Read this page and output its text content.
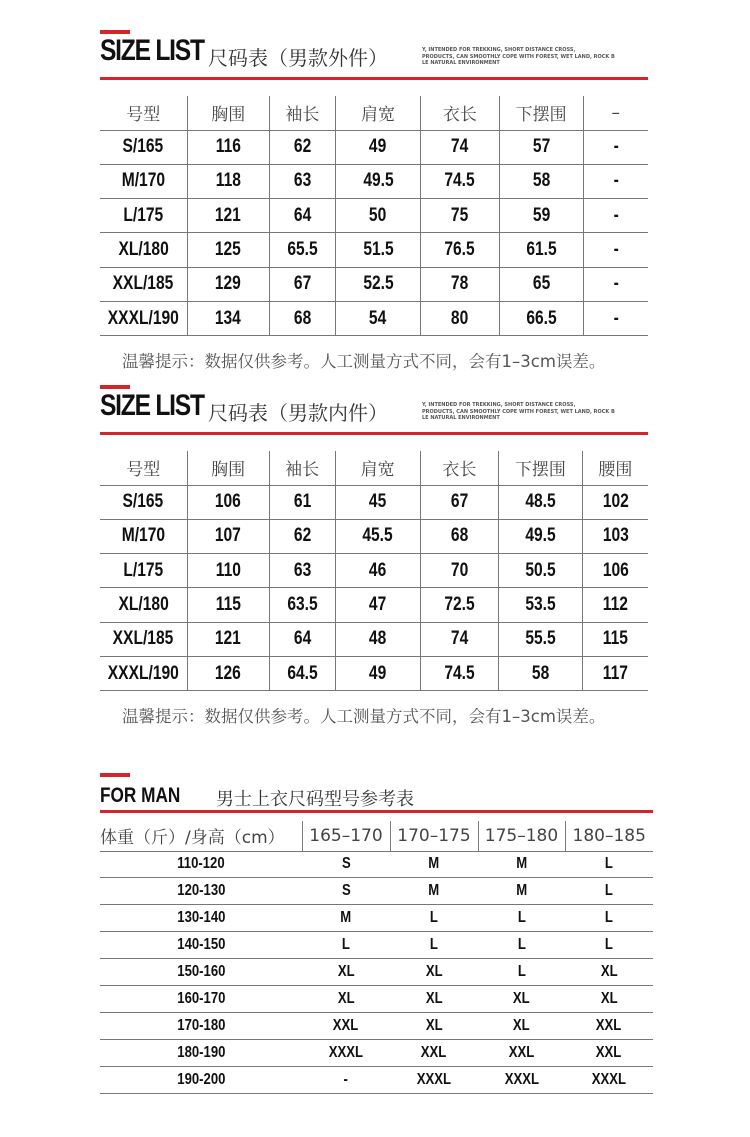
SIZE LIST 尺码表（男款外件）	Y, INTENDED FOR TREKKING, SHORT DISTANCE CROSS,
PRODUCTS, CAN SMOOTHLY COPE WITH FOREST, WET LAND, ROCK B
LE NATURAL ENVIRONMENT
号型	胸围	袖长	肩宽	衣长	下摆围	–
S/165	116	62	49	74	57	-
M/170	118	63	49.5	74.5	58	-
L/175	121	64	50	75	59	-
XL/180	125	65.5	51.5	76.5	61.5	-
XXL/185	129	67	52.5	78	65	-
XXXL/190	134	68	54	80	66.5	-
温馨提示：数据仅供参考。人工测量方式不同，会有1–3cm误差。
SIZE LIST 尺码表（男款内件）	Y, INTENDED FOR TREKKING, SHORT DISTANCE CROSS,
PRODUCTS, CAN SMOOTHLY COPE WITH FOREST, WET LAND, ROCK B
LE NATURAL ENVIRONMENT
号型	胸围	袖长	肩宽	衣长	下摆围	腰围
S/165	106	61	45	67	48.5	102
M/170	107	62	45.5	68	49.5	103
L/175	110	63	46	70	50.5	106
XL/180	115	63.5	47	72.5	53.5	112
XXL/185	121	64	48	74	55.5	115
XXXL/190	126	64.5	49	74.5	58	117
温馨提示：数据仅供参考。人工测量方式不同，会有1–3cm误差。
FOR MAN 男士上衣尺码型号参考表
体重（斤）/身高（cm）	165–170	170–175	175–180	180–185
110-120	S	M	M	L
120-130	S	M	M	L
130-140	M	L	L	L
140-150	L	L	L	L
150-160	XL	XL	L	XL
160-170	XL	XL	XL	XL
170-180	XXL	XL	XL	XXL
180-190	XXXL	XXL	XXL	XXL
190-200	-	XXXL	XXXL	XXXL
